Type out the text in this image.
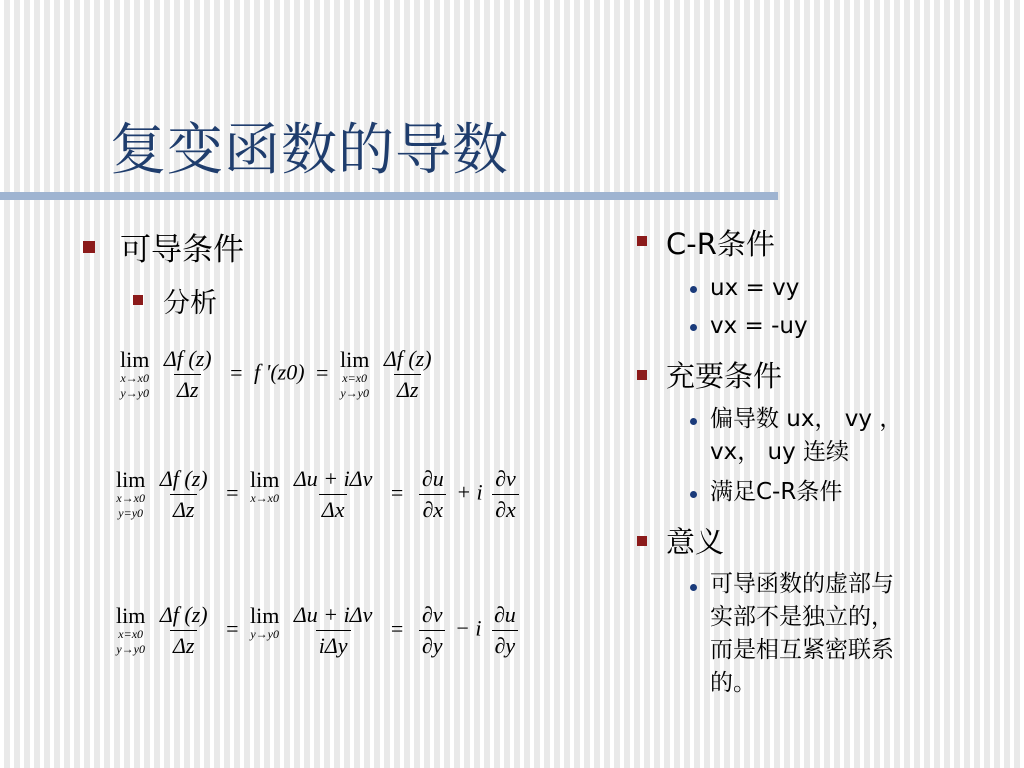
复变函数的导数
可导条件
分析
lim
x→x0
y→y0
$\frac{\Delta f (z)}{\Delta z} = f$ '(z0) =
lim
x=x0
y→y0
$\frac{\Delta f (z)}{\Delta z}$
lim
x→x0
y=y0
$\frac{\Delta f (z)}{\Delta z}$ =
lim
x→x0

$\frac{\text{Δu + iΔv}}{\Delta x} = \frac{\partial u}{\partial x} + i \frac{\partial v}{\partial x}$
lim
x=x0
y→y0
$\frac{\Delta f (z)}{\Delta z}$ =
lim
y→y0

$\frac{\text{Δu + iΔv}}{\text{iΔy}} = \frac{\partial v}{\partial y} - i \frac{\partial u}{\partial y}$
C-R条件
ux = vy
vx = -uy
充要条件
偏导数 ux， vy ，
vx， uy 连续
满足C-R条件
意义
可导函数的虚部与
实部不是独立的，
而是相互紧密联系
的。
